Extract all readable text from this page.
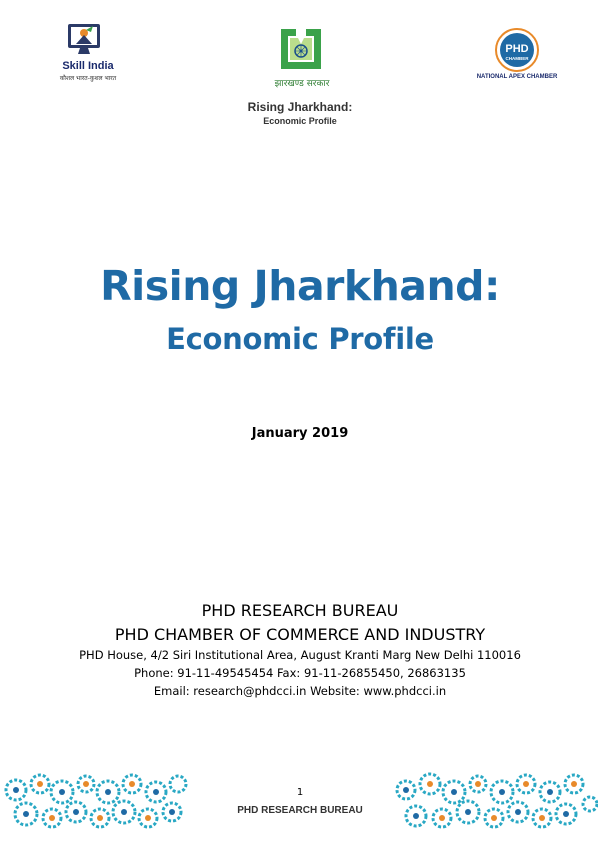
Skill India
कौशल भारत-कुशल भारत
झारखण्ड सरकार
PHD
CHAMBER
NATIONAL APEX CHAMBER
Rising Jharkhand:
Economic Profile
Rising Jharkhand:
Economic Profile
January 2019
PHD RESEARCH BUREAU
PHD CHAMBER OF COMMERCE AND INDUSTRY
PHD House, 4/2 Siri Institutional Area, August Kranti Marg New Delhi 110016
Phone: 91-11-49545454 Fax: 91-11-26855450, 26863135
Email: research@phdcci.in Website: www.phdcci.in
1
PHD RESEARCH BUREAU
